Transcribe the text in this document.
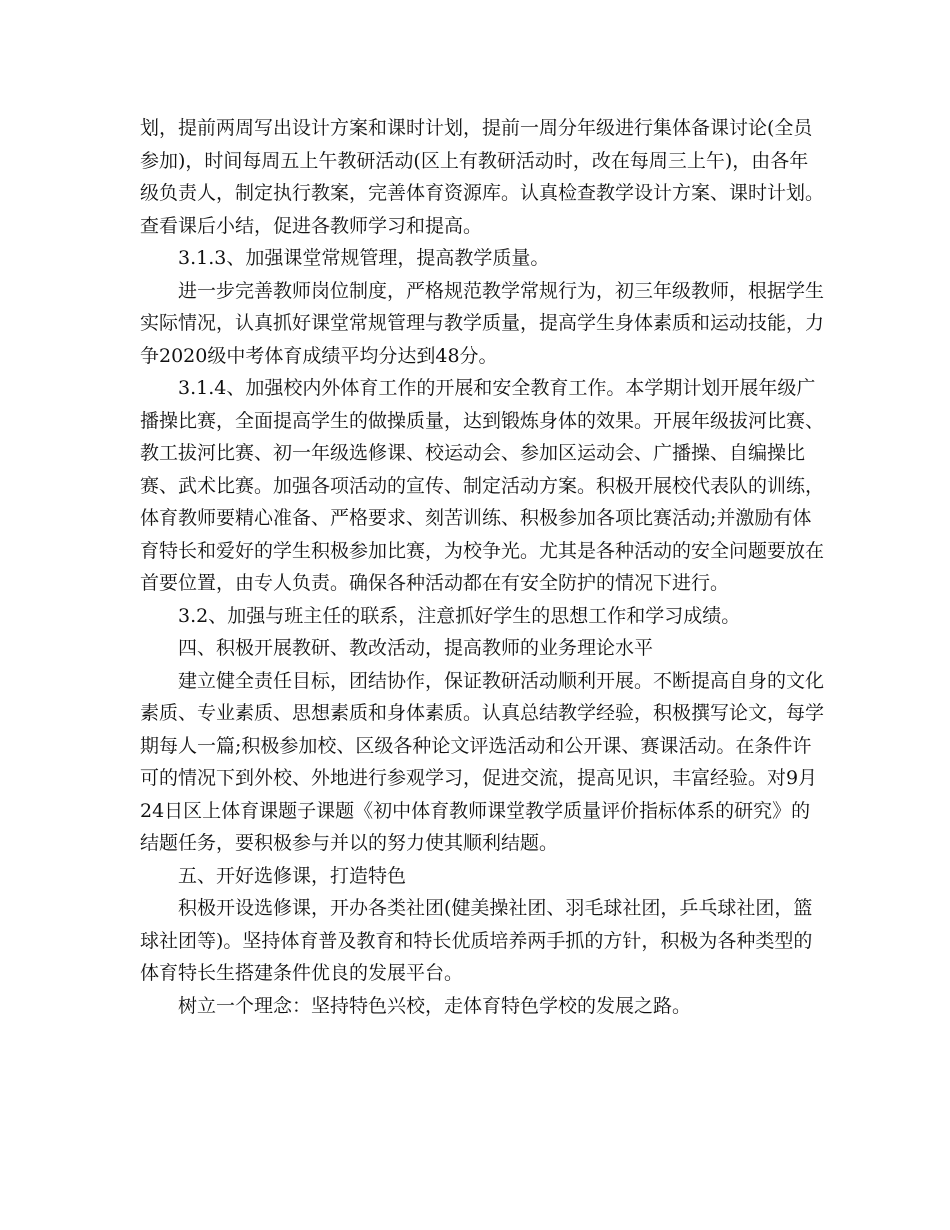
划，提前两周写出设计方案和课时计划，提前一周分年级进行集体备课讨论(全员参加)，时间每周五上午教研活动(区上有教研活动时，改在每周三上午)，由各年级负责人，制定执行教案，完善体育资源库。认真检查教学设计方案、课时计划。查看课后小结，促进各教师学习和提高。

3.1.3、加强课堂常规管理，提高教学质量。

进一步完善教师岗位制度，严格规范教学常规行为，初三年级教师，根据学生实际情况，认真抓好课堂常规管理与教学质量，提高学生身体素质和运动技能，力争2020级中考体育成绩平均分达到48分。

3.1.4、加强校内外体育工作的开展和安全教育工作。本学期计划开展年级广播操比赛，全面提高学生的做操质量，达到锻炼身体的效果。开展年级拔河比赛、教工拔河比赛、初一年级选修课、校运动会、参加区运动会、广播操、自编操比赛、武术比赛。加强各项活动的宣传、制定活动方案。积极开展校代表队的训练，体育教师要精心准备、严格要求、刻苦训练、积极参加各项比赛活动;并激励有体育特长和爱好的学生积极参加比赛，为校争光。尤其是各种活动的安全问题要放在首要位置，由专人负责。确保各种活动都在有安全防护的情况下进行。

3.2、加强与班主任的联系，注意抓好学生的思想工作和学习成绩。

四、积极开展教研、教改活动，提高教师的业务理论水平

建立健全责任目标，团结协作，保证教研活动顺利开展。不断提高自身的文化素质、专业素质、思想素质和身体素质。认真总结教学经验，积极撰写论文，每学期每人一篇;积极参加校、区级各种论文评选活动和公开课、赛课活动。在条件许可的情况下到外校、外地进行参观学习，促进交流，提高见识，丰富经验。对9月24日区上体育课题子课题《初中体育教师课堂教学质量评价指标体系的研究》的结题任务，要积极参与并以的努力使其顺利结题。

五、开好选修课，打造特色

积极开设选修课，开办各类社团(健美操社团、羽毛球社团，乒乓球社团，篮球社团等)。坚持体育普及教育和特长优质培养两手抓的方针，积极为各种类型的体育特长生搭建条件优良的发展平台。

树立一个理念：坚持特色兴校，走体育特色学校的发展之路。
